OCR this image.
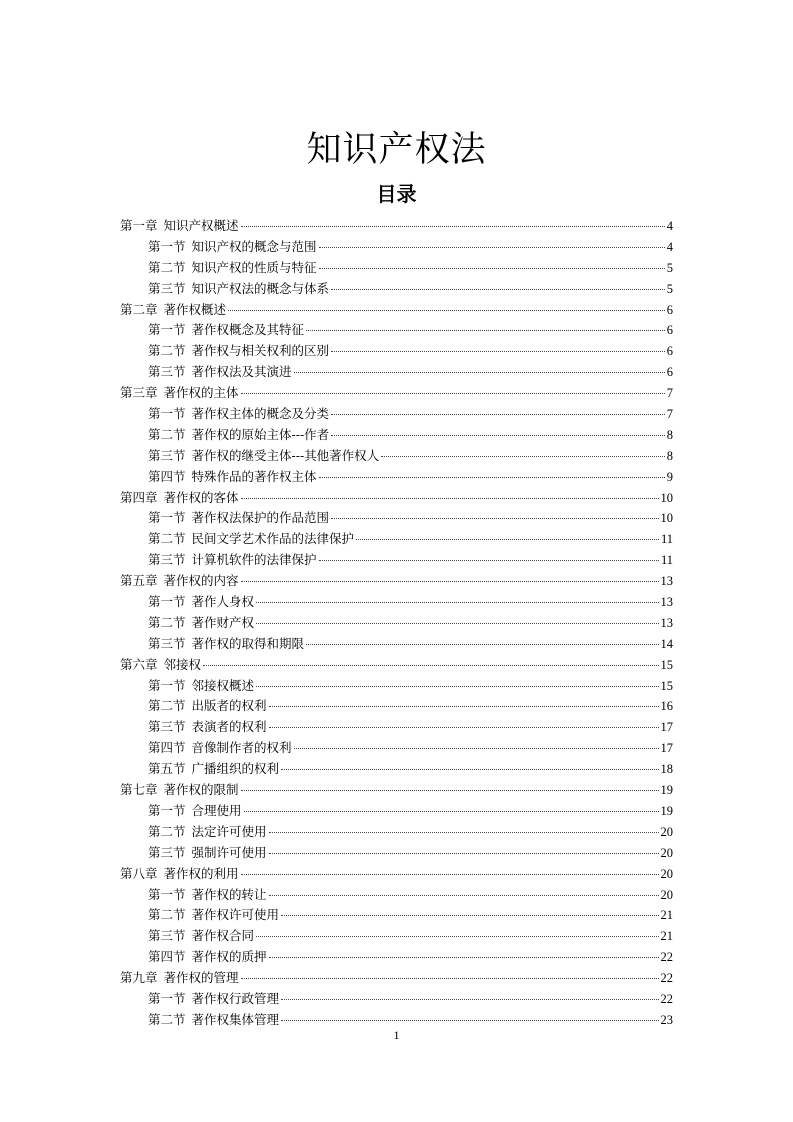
知识产权法
目录
第一章 知识产权概述	4
第一节 知识产权的概念与范围	4
第二节 知识产权的性质与特征	5
第三节 知识产权法的概念与体系	5
第二章 著作权概述	6
第一节 著作权概念及其特征	6
第二节 著作权与相关权利的区别	6
第三节 著作权法及其演进	6
第三章 著作权的主体	7
第一节 著作权主体的概念及分类	7
第二节 著作权的原始主体---作者	8
第三节 著作权的继受主体---其他著作权人	8
第四节 特殊作品的著作权主体	9
第四章 著作权的客体	10
第一节 著作权法保护的作品范围	10
第二节 民间文学艺术作品的法律保护	11
第三节 计算机软件的法律保护	11
第五章 著作权的内容	13
第一节 著作人身权	13
第二节 著作财产权	13
第三节 著作权的取得和期限	14
第六章 邻接权	15
第一节 邻接权概述	15
第二节 出版者的权利	16
第三节 表演者的权利	17
第四节 音像制作者的权利	17
第五节 广播组织的权利	18
第七章 著作权的限制	19
第一节 合理使用	19
第二节 法定许可使用	20
第三节 强制许可使用	20
第八章 著作权的利用	20
第一节 著作权的转让	20
第二节 著作权许可使用	21
第三节 著作权合同	21
第四节 著作权的质押	22
第九章 著作权的管理	22
第一节 著作权行政管理	22
第二节 著作权集体管理	23
1
